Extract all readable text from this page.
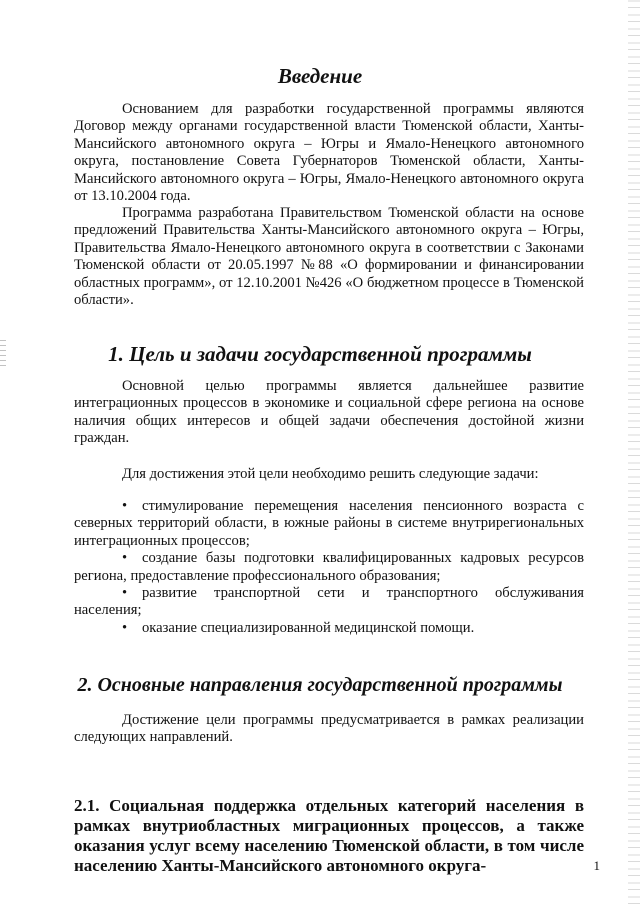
Введение

Основанием для разработки государственной программы являются Договор между органами государственной власти Тюменской области, Ханты-Мансийского автономного округа – Югры и Ямало-Ненецкого автономного округа, постановление Совета Губернаторов Тюменской области, Ханты-Мансийского автономного округа – Югры, Ямало-Ненецкого автономного округа от 13.10.2004 года.

Программа разработана Правительством Тюменской области на основе предложений Правительства Ханты-Мансийского автономного округа – Югры, Правительства Ямало-Ненецкого автономного округа в соответствии с Законами Тюменской области от 20.05.1997 №88 «О формировании и финансировании областных программ», от 12.10.2001 №426 «О бюджетном процессе в Тюменской области».

1. Цель и задачи государственной программы

Основной целью программы является дальнейшее развитие интеграционных процессов в экономике и социальной сфере региона на основе наличия общих интересов и общей задачи обеспечения достойной жизни граждан.

Для достижения этой цели необходимо решить следующие задачи:

• стимулирование перемещения населения пенсионного возраста с северных территорий области, в южные районы в системе внутрирегиональных интеграционных процессов;
• создание базы подготовки квалифицированных кадровых ресурсов региона, предоставление профессионального образования;
• развитие транспортной сети и транспортного обслуживания населения;
• оказание специализированной медицинской помощи.
2. Основные направления государственной программы

Достижение цели программы предусматривается в рамках реализации следующих направлений.

2.1. Социальная поддержка отдельных категорий населения в рамках внутриобластных миграционных процессов, а также оказания услуг всему населению Тюменской области, в том числе населению Ханты-Мансийского автономного округа-	1
